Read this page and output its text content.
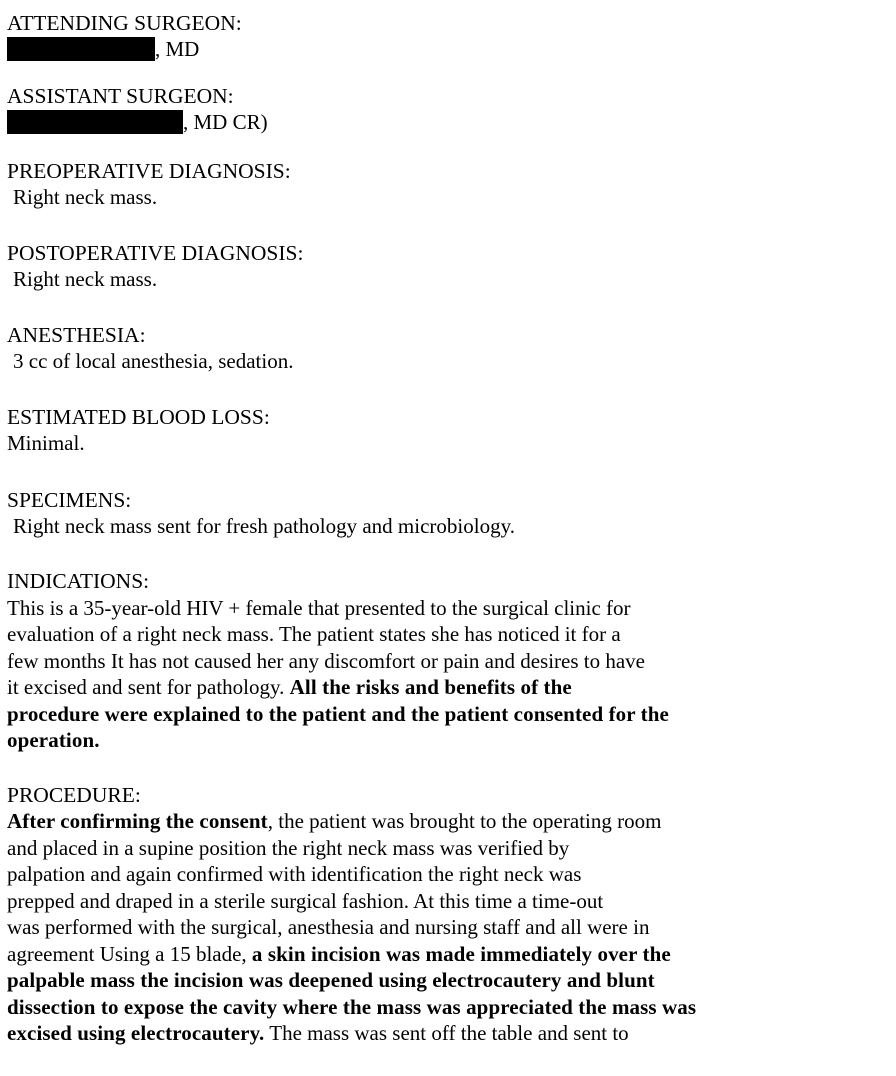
ATTENDING SURGEON:
, MD
ASSISTANT SURGEON:
, MD CR)
PREOPERATIVE DIAGNOSIS:
Right neck mass.
POSTOPERATIVE DIAGNOSIS:
Right neck mass.
ANESTHESIA:
3 cc of local anesthesia, sedation.
ESTIMATED BLOOD LOSS:
Minimal.
SPECIMENS:
Right neck mass sent for fresh pathology and microbiology.
INDICATIONS:
This is a 35-year-old HIV + female that presented to the surgical clinic for
evaluation of a right neck mass. The patient states she has noticed it for a
few months It has not caused her any discomfort or pain and desires to have
it excised and sent for pathology. All the risks and benefits of the
procedure were explained to the patient and the patient consented for the
operation.
PROCEDURE:
After confirming the consent, the patient was brought to the operating room
and placed in a supine position the right neck mass was verified by
palpation and again confirmed with identification the right neck was
prepped and draped in a sterile surgical fashion. At this time a time-out
was performed with the surgical, anesthesia and nursing staff and all were in
agreement Using a 15 blade, a skin incision was made immediately over the
palpable mass the incision was deepened using electrocautery and blunt
dissection to expose the cavity where the mass was appreciated the mass was
excised using electrocautery. The mass was sent off the table and sent to
